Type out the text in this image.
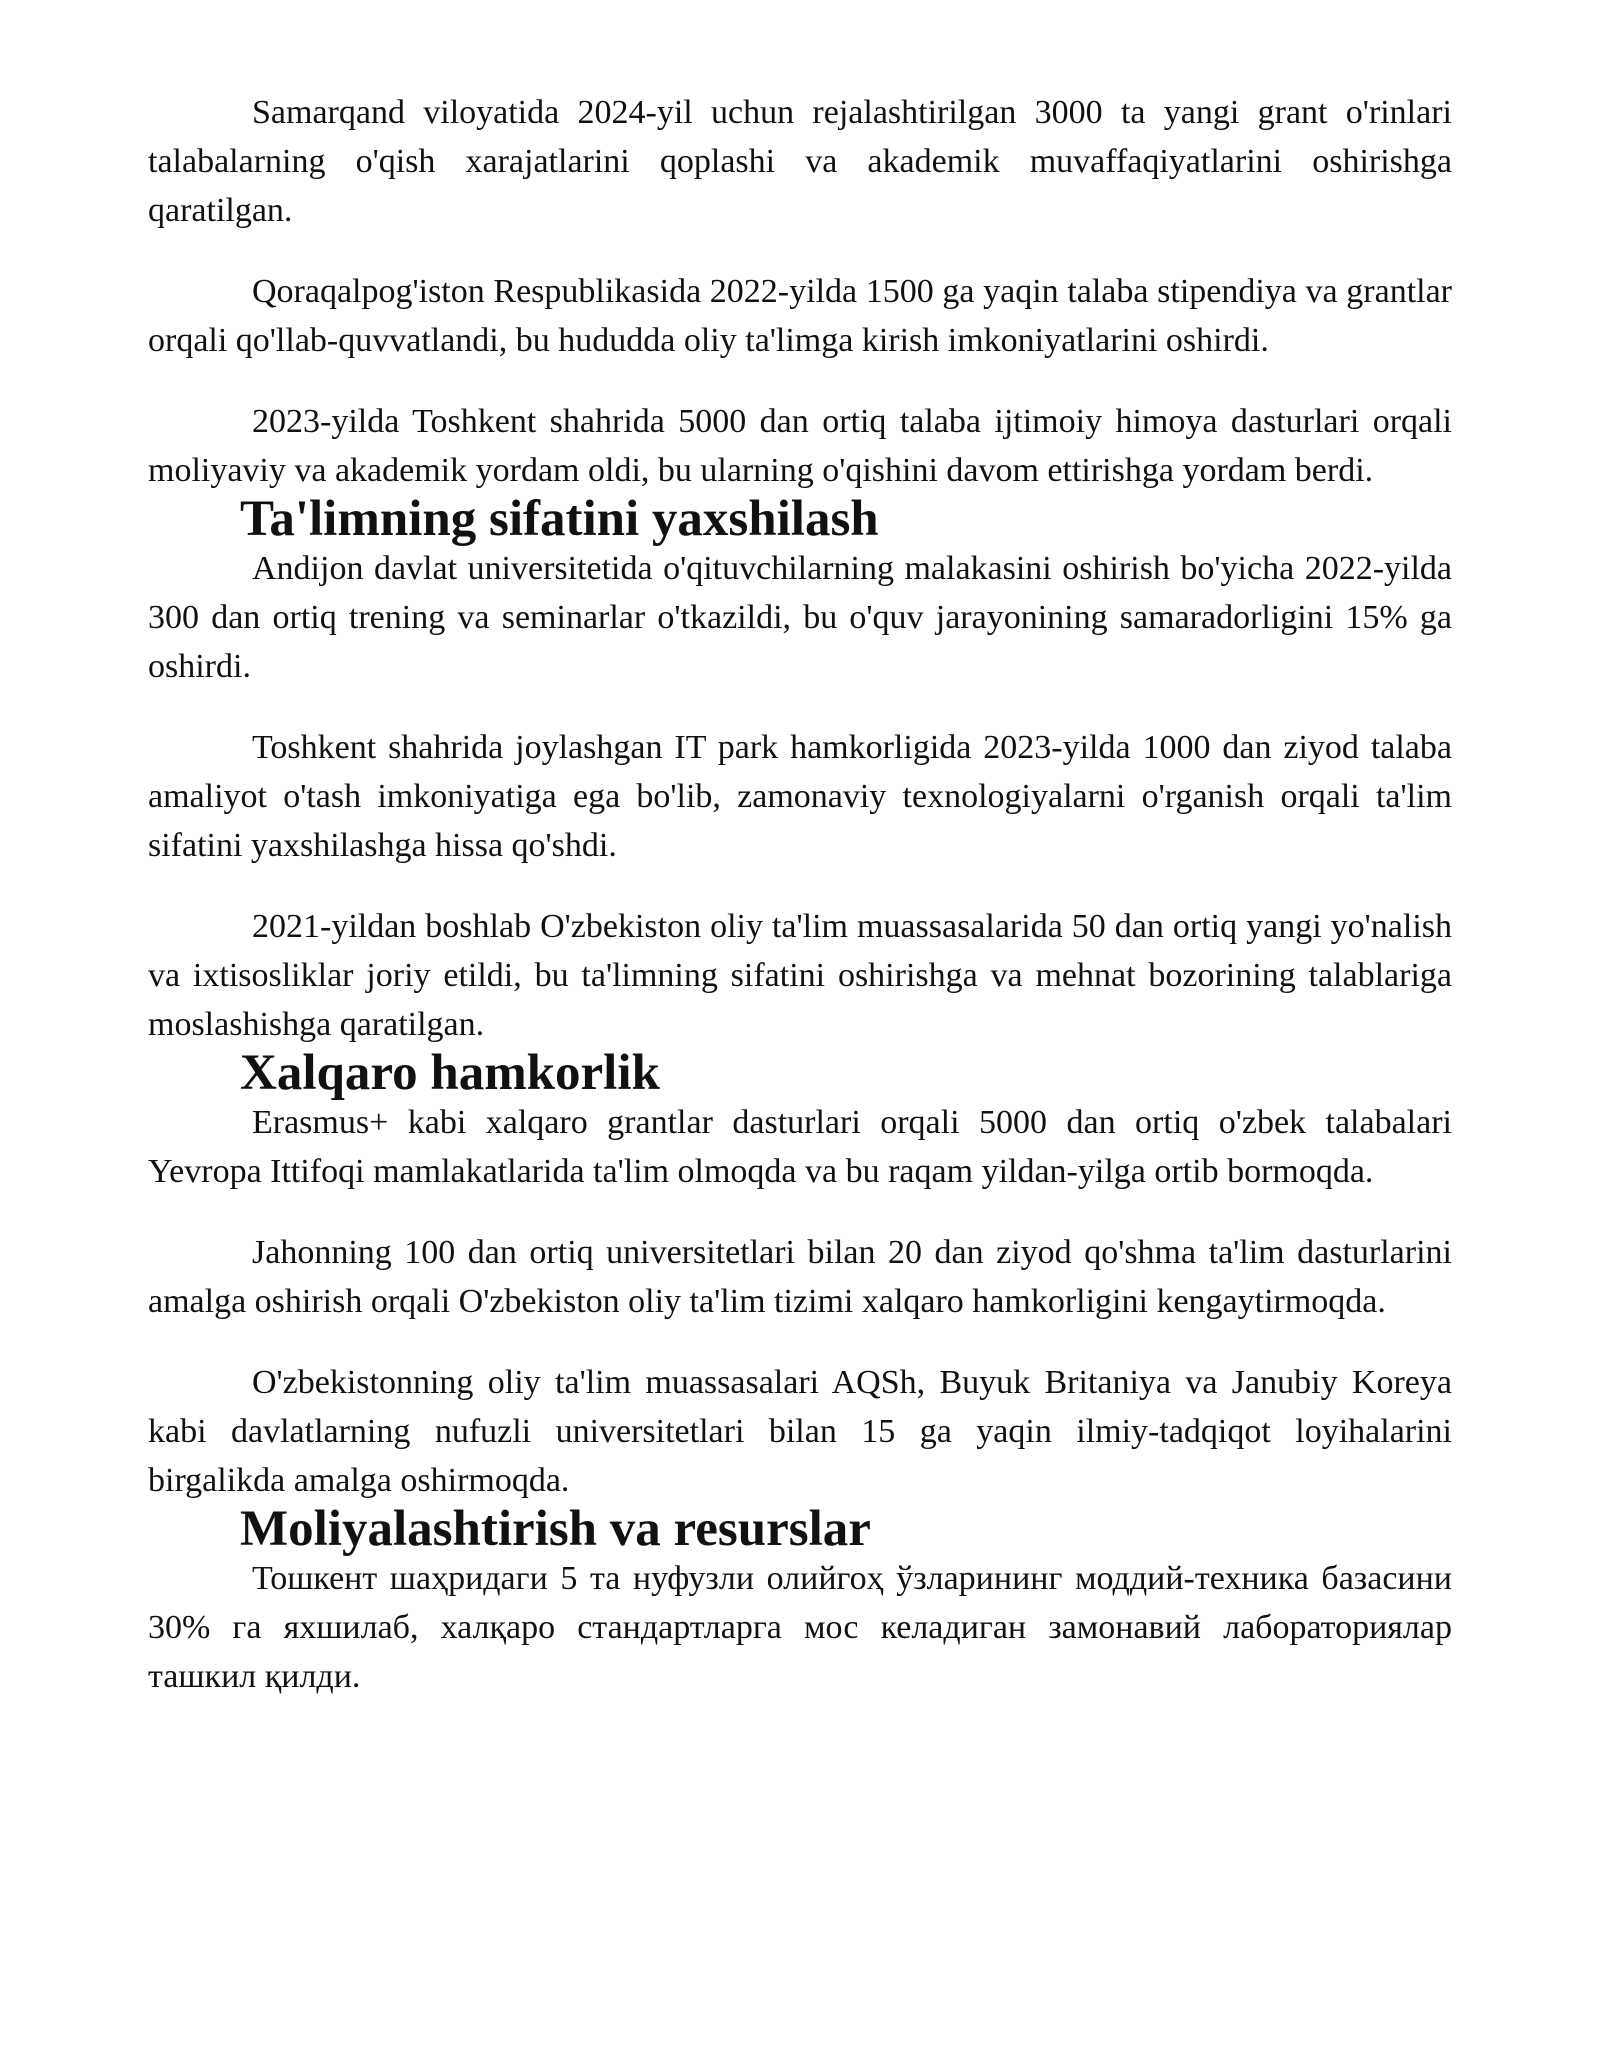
Samarqand viloyatida 2024-yil uchun rejalashtirilgan 3000 ta yangi grant o'rinlari talabalarning o'qish xarajatlarini qoplashi va akademik muvaffaqiyatlarini oshirishga qaratilgan.

Qoraqalpog'iston Respublikasida 2022-yilda 1500 ga yaqin talaba stipendiya va grantlar orqali qo'llab-quvvatlandi, bu hududda oliy ta'limga kirish imkoniyatlarini oshirdi.

2023-yilda Toshkent shahrida 5000 dan ortiq talaba ijtimoiy himoya dasturlari orqali moliyaviy va akademik yordam oldi, bu ularning o'qishini davom ettirishga yordam berdi.

Ta'limning sifatini yaxshilash

Andijon davlat universitetida o'qituvchilarning malakasini oshirish bo'yicha 2022-yilda 300 dan ortiq trening va seminarlar o'tkazildi, bu o'quv jarayonining samaradorligini 15% ga oshirdi.

Toshkent shahrida joylashgan IT park hamkorligida 2023-yilda 1000 dan ziyod talaba amaliyot o'tash imkoniyatiga ega bo'lib, zamonaviy texnologiyalarni o'rganish orqali ta'lim sifatini yaxshilashga hissa qo'shdi.

2021-yildan boshlab O'zbekiston oliy ta'lim muassasalarida 50 dan ortiq yangi yo'nalish va ixtisosliklar joriy etildi, bu ta'limning sifatini oshirishga va mehnat bozorining talablariga moslashishga qaratilgan.

Xalqaro hamkorlik

Erasmus+ kabi xalqaro grantlar dasturlari orqali 5000 dan ortiq o'zbek talabalari Yevropa Ittifoqi mamlakatlarida ta'lim olmoqda va bu raqam yildan-yilga ortib bormoqda.

Jahonning 100 dan ortiq universitetlari bilan 20 dan ziyod qo'shma ta'lim dasturlarini amalga oshirish orqali O'zbekiston oliy ta'lim tizimi xalqaro hamkorligini kengaytirmoqda.

O'zbekistonning oliy ta'lim muassasalari AQSh, Buyuk Britaniya va Janubiy Koreya kabi davlatlarning nufuzli universitetlari bilan 15 ga yaqin ilmiy-tadqiqot loyihalarini birgalikda amalga oshirmoqda.

Moliyalashtirish va resurslar

Тошкент шаҳридаги 5 та нуфузли олийгоҳ ўзларининг моддий-техника базасини 30% га яхшилаб, халқаро стандартларга мос келадиган замонавий лабораториялар ташкил қилди.
